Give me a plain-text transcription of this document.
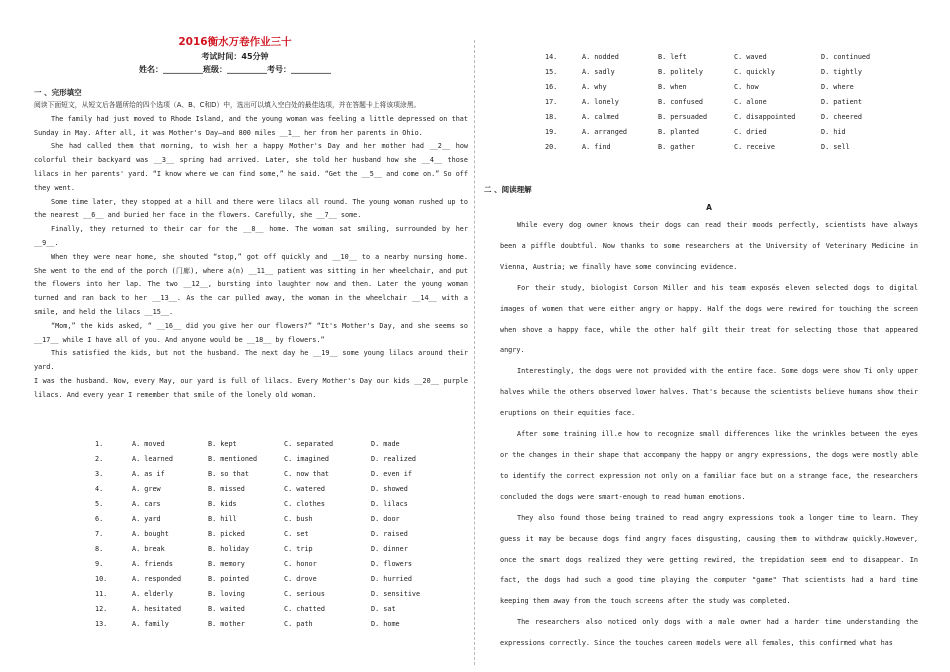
2016衡水万卷作业三十
考试时间：45分钟
姓名：__________班级：__________考号：__________
一 、完形填空

阅读下面短文，从短文后各题所给的四个选项（A、B、C和D）中，选出可以填入空白处的最佳选项，并在答题卡上将该项涂黑。

The family had just moved to Rhode Island, and the young woman was feeling a little depressed on that Sunday in May. After all, it was Mother's Day—and 800 miles __1__ her from her parents in Ohio.

She had called them that morning, to wish her a happy Mother's Day and her mother had __2__ how colorful their backyard was __3__ spring had arrived. Later, she told her husband how she __4__ those lilacs in her parents' yard. “I know where we can find some,” he said. “Get the __5__ and come on.” So off they went.

Some time later, they stopped at a hill and there were lilacs all round. The young woman rushed up to the nearest __6__ and buried her face in the flowers. Carefully, she __7__ some.

Finally, they returned to their car for the __8__ home. The woman sat smiling, surrounded by her __9__.

When they were near home, she shouted “stop,” got off quickly and __10__ to a nearby nursing home. She went to the end of the porch (门廊), where a(n) __11__ patient was sitting in her wheelchair, and put the flowers into her lap. The two __12__, bursting into laughter now and then. Later the young woman turned and ran back to her __13__. As the car pulled away, the woman in the wheelchair __14__ with a smile, and held the lilacs __15__.

“Mom,” the kids asked, “ __16__ did you give her our flowers?” “It's Mother's Day, and she seems so __17__ while I have all of you. And anyone would be __18__ by flowers.”

This satisfied the kids, but not the husband. The next day he __19__ some young lilacs around their yard.

I was the husband. Now, every May, our yard is full of lilacs. Every Mother's Day our kids __20__ purple lilacs. And every year I remember that smile of the lonely old woman.

1.	A. moved	B. kept	C. separated	D. made
2.	A. learned	B. mentioned	C. imagined	D. realized
3.	A. as if	B. so that	C. now that	D. even if
4.	A. grew	B. missed	C. watered	D. showed
5.	A. cars	B. kids	C. clothes	D. lilacs
6.	A. yard	B. hill	C. bush	D. door
7.	A. bought	B. picked	C. set	D. raised
8.	A. break	B. holiday	C. trip	D. dinner
9.	A. friends	B. memory	C. honor	D. flowers
10.	A. responded	B. pointed	C. drove	D. hurried
11.	A. elderly	B. loving	C. serious	D. sensitive
12.	A. hesitated	B. waited	C. chatted	D. sat
13.	A. family	B. mother	C. path	D. home
14.	A. nodded	B. left	C. waved	D. continued
15.	A. sadly	B. politely	C. quickly	D. tightly
16.	A. why	B. when	C. how	D. where
17.	A. lonely	B. confused	C. alone	D. patient
18.	A. calmed	B. persuaded	C. disappointed	D. cheered
19.	A. arranged	B. planted	C. dried	D. hid
20.	A. find	B. gather	C. receive	D. sell
二 、阅读理解
A

While every dog owner knows their dogs can read their moods perfectly, scientists have always been a piffle doubtful. Now thanks to some researchers at the University of Veterinary Medicine in Vienna, Austria; we finally have some convincing evidence.

For their study, biologist Corson Miller and his team exposés eleven selected dogs to digital images of women that were either angry or happy. Half the dogs were rewired for touching the screen when shove a happy face, while the other half gilt their treat for selecting those that appeared angry.

Interestingly, the dogs were not provided with the entire face. Some dogs were show Ti only upper halves while the others observed lower halves. That's because the scientists believe humans show their eruptions on their equities face.

After some training ill.e how to recognize small differences like the wrinkles between the eyes or the changes in their shape that accompany the happy or angry expressions, the dogs were mostly able to identify the correct expression not only on a familiar face but on a strange face, the researchers concluded the dogs were smart-enough to read human emotions.

They also found those being trained to read angry expressions took a longer time to learn. They guess it may be because dogs find angry faces disgusting, causing them to withdraw quickly.However, once the smart dogs realized they were getting rewired, the trepidation seem end to disappear. In fact, the dogs had such a good time playing the computer "game" That scientists had a hard time keeping them away from the touch screens after the study was completed.

The researchers also noticed only dogs with a male owner had a harder time understanding the expressions correctly. Since the touches careen models were all females, this confirmed what has
